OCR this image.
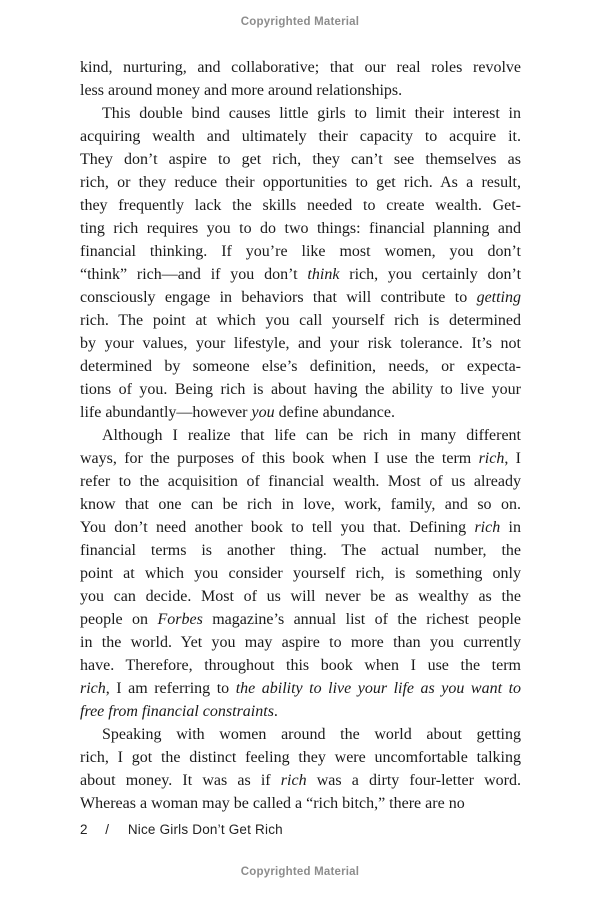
Copyrighted Material
kind, nurturing, and collaborative; that our real roles revolve
less around money and more around relationships.
This double bind causes little girls to limit their interest in
acquiring wealth and ultimately their capacity to acquire it.
They don’t aspire to get rich, they can’t see themselves as
rich, or they reduce their opportunities to get rich. As a result,
they frequently lack the skills needed to create wealth. Get-
ting rich requires you to do two things: financial planning and
financial thinking. If you’re like most women, you don’t
“think” rich—and if you don’t think rich, you certainly don’t
consciously engage in behaviors that will contribute to getting
rich. The point at which you call yourself rich is determined
by your values, your lifestyle, and your risk tolerance. It’s not
determined by someone else’s definition, needs, or expecta-
tions of you. Being rich is about having the ability to live your
life abundantly—however you define abundance.
Although I realize that life can be rich in many different
ways, for the purposes of this book when I use the term rich, I
refer to the acquisition of financial wealth. Most of us already
know that one can be rich in love, work, family, and so on.
You don’t need another book to tell you that. Defining rich in
financial terms is another thing. The actual number, the
point at which you consider yourself rich, is something only
you can decide. Most of us will never be as wealthy as the
people on Forbes magazine’s annual list of the richest people
in the world. Yet you may aspire to more than you currently
have. Therefore, throughout this book when I use the term
rich, I am referring to the ability to live your life as you want to
free from financial constraints.
Speaking with women around the world about getting
rich, I got the distinct feeling they were uncomfortable talking
about money. It was as if rich was a dirty four-letter word.
Whereas a woman may be called a “rich bitch,” there are no
2 / Nice Girls Don’t Get Rich
Copyrighted Material
